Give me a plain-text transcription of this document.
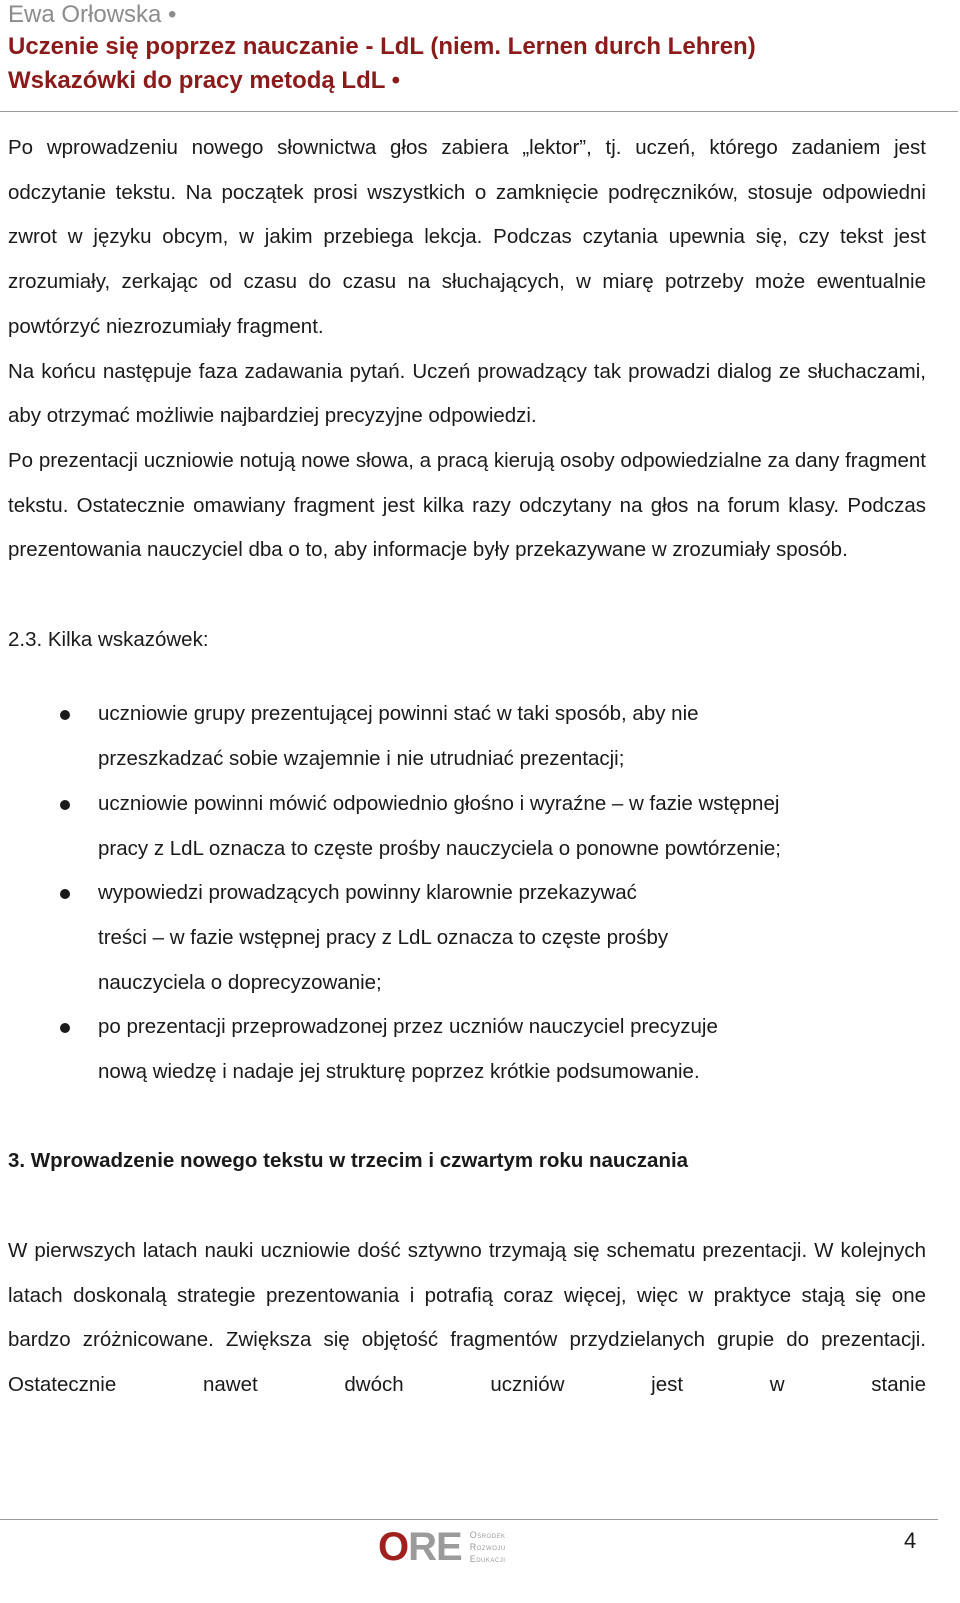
Ewa Orłowska •
Uczenie się poprzez nauczanie - LdL (niem. Lernen durch Lehren)
Wskazówki do pracy metodą LdL •

Po wprowadzeniu nowego słownictwa głos zabiera „lektor”, tj. uczeń, którego zadaniem jest odczytanie tekstu. Na początek prosi wszystkich o zamknięcie podręczników, stosuje odpowiedni zwrot w języku obcym, w jakim przebiega lekcja. Podczas czytania upewnia się, czy tekst jest zrozumiały, zerkając od czasu do czasu na słuchających, w miarę potrzeby może ewentualnie powtórzyć niezrozumiały fragment.

Na końcu następuje faza zadawania pytań. Uczeń prowadzący tak prowadzi dialog ze słuchaczami, aby otrzymać możliwie najbardziej precyzyjne odpowiedzi.

Po prezentacji uczniowie notują nowe słowa, a pracą kierują osoby odpowiedzialne za dany fragment tekstu. Ostatecznie omawiany fragment jest kilka razy odczytany na głos na forum klasy. Podczas prezentowania nauczyciel dba o to, aby informacje były przekazywane w zrozumiały sposób.

2.3. Kilka wskazówek:

uczniowie grupy prezentującej powinni stać w taki sposób, aby nie
przeszkadzać sobie wzajemnie i nie utrudniać prezentacji;
uczniowie powinni mówić odpowiednio głośno i wyraźne – w fazie wstępnej
pracy z LdL oznacza to częste prośby nauczyciela o ponowne powtórzenie;
wypowiedzi prowadzących powinny klarownie przekazywać
treści – w fazie wstępnej pracy z LdL oznacza to częste prośby
nauczyciela o doprecyzowanie;
po prezentacji przeprowadzonej przez uczniów nauczyciel precyzuje
nową wiedzę i nadaje jej strukturę poprzez krótkie podsumowanie.

3. Wprowadzenie nowego tekstu w trzecim i czwartym roku nauczania

W pierwszych latach nauki uczniowie dość sztywno trzymają się schematu prezentacji. W kolejnych latach doskonalą strategie prezentowania i potrafią coraz więcej, więc w praktyce stają się one bardzo zróżnicowane. Zwiększa się objętość fragmentów przydzielanych grupie do prezentacji. Ostatecznie nawet dwóch uczniów jest w stanie

ORE Ośrodek
Rozwoju
Edukacji
4
